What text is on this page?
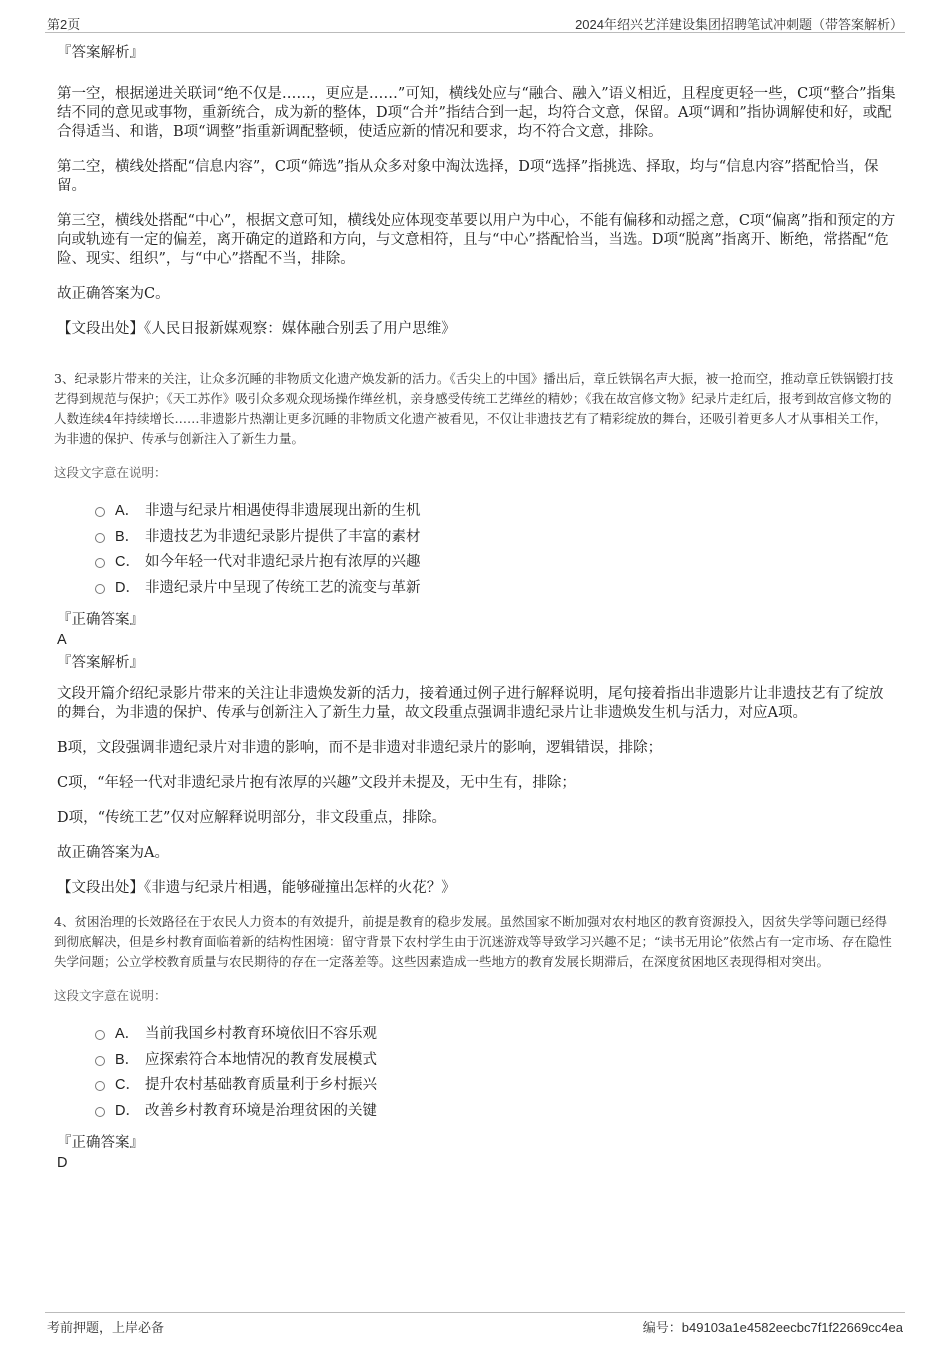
第2页	2024年绍兴艺洋建设集团招聘笔试冲刺题（带答案解析）
『答案解析』

第一空，根据递进关联词“绝不仅是……，更应是……”可知，横线处应与“融合、融入”语义相近，且程度更轻一些，C项“整合”指集结不同的意见或事物，重新统合，成为新的整体，D项“合并”指结合到一起，均符合文意，保留。A项“调和”指协调解使和好，或配合得适当、和谐，B项“调整”指重新调配整顿，使适应新的情况和要求，均不符合文意，排除。

第二空，横线处搭配“信息内容”，C项“筛选”指从众多对象中淘汰选择，D项“选择”指挑选、择取，均与“信息内容”搭配恰当，保留。

第三空，横线处搭配“中心”，根据文意可知，横线处应体现变革要以用户为中心，不能有偏移和动摇之意，C项“偏离”指和预定的方向或轨迹有一定的偏差，离开确定的道路和方向，与文意相符，且与“中心”搭配恰当，当选。D项“脱离”指离开、断绝，常搭配“危险、现实、组织”，与“中心”搭配不当，排除。

故正确答案为C。

【文段出处】《人民日报新媒观察：媒体融合别丢了用户思维》

3、纪录影片带来的关注，让众多沉睡的非物质文化遗产焕发新的活力。《舌尖上的中国》播出后，章丘铁锅名声大振，被一抢而空，推动章丘铁锅锻打技艺得到规范与保护；《天工苏作》吸引众多观众现场操作缂丝机，亲身感受传统工艺缂丝的精妙；《我在故宫修文物》纪录片走红后，报考到故宫修文物的人数连续4年持续增长……非遗影片热潮让更多沉睡的非物质文化遗产被看见，不仅让非遗技艺有了精彩绽放的舞台，还吸引着更多人才从事相关工作，为非遗的保护、传承与创新注入了新生力量。

这段文字意在说明：

A． 非遗与纪录片相遇使得非遗展现出新的生机
B． 非遗技艺为非遗纪录影片提供了丰富的素材
C． 如今年轻一代对非遗纪录片抱有浓厚的兴趣
D． 非遗纪录片中呈现了传统工艺的流变与革新
『正确答案』
A
『答案解析』

文段开篇介绍纪录影片带来的关注让非遗焕发新的活力，接着通过例子进行解释说明，尾句接着指出非遗影片让非遗技艺有了绽放的舞台，为非遗的保护、传承与创新注入了新生力量，故文段重点强调非遗纪录片让非遗焕发生机与活力，对应A项。

B项，文段强调非遗纪录片对非遗的影响，而不是非遗对非遗纪录片的影响，逻辑错误，排除；

C项，“年轻一代对非遗纪录片抱有浓厚的兴趣”文段并未提及，无中生有，排除；

D项，“传统工艺”仅对应解释说明部分，非文段重点，排除。

故正确答案为A。

【文段出处】《非遗与纪录片相遇，能够碰撞出怎样的火花？》

4、贫困治理的长效路径在于农民人力资本的有效提升，前提是教育的稳步发展。虽然国家不断加强对农村地区的教育资源投入，因贫失学等问题已经得到彻底解决，但是乡村教育面临着新的结构性困境：留守背景下农村学生由于沉迷游戏等导致学习兴趣不足；“读书无用论”依然占有一定市场、存在隐性失学问题；公立学校教育质量与农民期待的存在一定落差等。这些因素造成一些地方的教育发展长期滞后，在深度贫困地区表现得相对突出。

这段文字意在说明：

A． 当前我国乡村教育环境依旧不容乐观
B． 应探索符合本地情况的教育发展模式
C． 提升农村基础教育质量利于乡村振兴
D． 改善乡村教育环境是治理贫困的关键
『正确答案』
D
考前押题，上岸必备	编号：b49103a1e4582eecbc7f1f22669cc4ea
